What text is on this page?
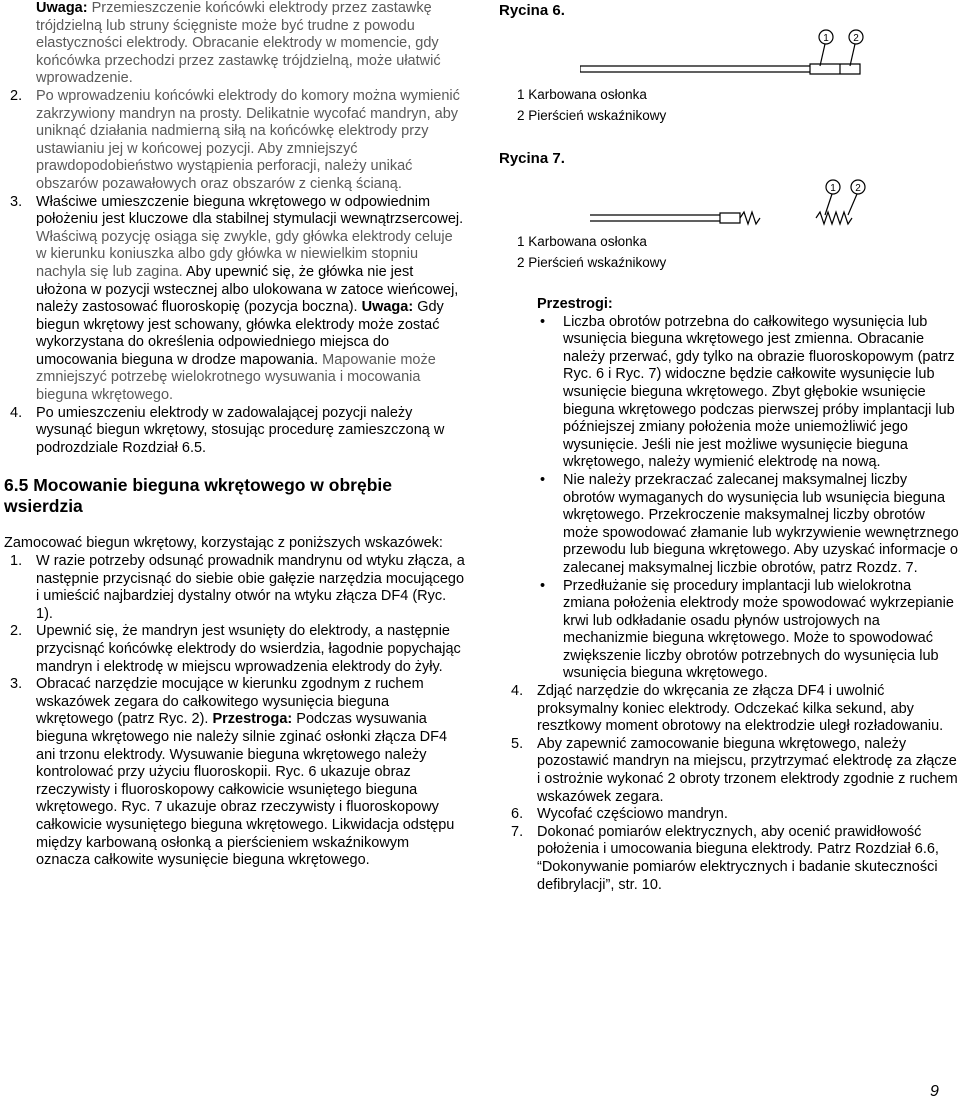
Uwaga: Przemieszczenie końcówki elektrody przez zastawkę trójdzielną lub struny ścięgniste może być trudne z powodu elastyczności elektrody. Obracanie elektrody w momencie, gdy końcówka przechodzi przez zastawkę trójdzielną, może ułatwić wprowadzenie.

2. Po wprowadzeniu końcówki elektrody do komory można wymienić zakrzywiony mandryn na prosty. Delikatnie wycofać mandryn, aby uniknąć działania nadmierną siłą na końcówkę elektrody przy ustawianiu jej w końcowej pozycji. Aby zmniejszyć prawdopodobieństwo wystąpienia perforacji, należy unikać obszarów pozawałowych oraz obszarów z cienką ścianą.
3. Właściwe umieszczenie bieguna wkrętowego w odpowiednim położeniu jest kluczowe dla stabilnej stymulacji wewnątrzsercowej. Właściwą pozycję osiąga się zwykle, gdy główka elektrody celuje w kierunku koniuszka albo gdy główka w niewielkim stopniu nachyla się lub zagina. Aby upewnić się, że główka nie jest ułożona w pozycji wstecznej albo ulokowana w zatoce wieńcowej, należy zastosować fluoroskopię (pozycja boczna). Uwaga: Gdy biegun wkrętowy jest schowany, główka elektrody może zostać wykorzystana do określenia odpowiedniego miejsca do umocowania bieguna w drodze mapowania. Mapowanie może zmniejszyć potrzebę wielokrotnego wysuwania i mocowania bieguna wkrętowego.
4. Po umieszczeniu elektrody w zadowalającej pozycji należy wysunąć biegun wkrętowy, stosując procedurę zamieszczoną w podrozdziale Rozdział 6.5.
6.5 Mocowanie bieguna wkrętowego w obrębie wsierdzia

Zamocować biegun wkrętowy, korzystając z poniższych wskazówek:

1. W razie potrzeby odsunąć prowadnik mandrynu od wtyku złącza, a następnie przycisnąć do siebie obie gałęzie narzędzia mocującego i umieścić najbardziej dystalny otwór na wtyku złącza DF4 (Ryc. 1).
2. Upewnić się, że mandryn jest wsunięty do elektrody, a następnie przycisnąć końcówkę elektrody do wsierdzia, łagodnie popychając mandryn i elektrodę w miejscu wprowadzenia elektrody do żyły.
3. Obracać narzędzie mocujące w kierunku zgodnym z ruchem wskazówek zegara do całkowitego wysunięcia bieguna wkrętowego (patrz Ryc. 2). Przestroga: Podczas wysuwania bieguna wkrętowego nie należy silnie zginać osłonki złącza DF4 ani trzonu elektrody. Wysuwanie bieguna wkrętowego należy kontrolować przy użyciu fluoroskopii. Ryc. 6 ukazuje obraz rzeczywisty i fluoroskopowy całkowicie wsuniętego bieguna wkrętowego. Ryc. 7 ukazuje obraz rzeczywisty i fluoroskopowy całkowicie wysuniętego bieguna wkrętowego. Likwidacja odstępu między karbowaną osłonką a pierścieniem wskaźnikowym oznacza całkowite wysunięcie bieguna wkrętowego.
Rycina 6.
1 Karbowana osłonka
2 Pierścień wskaźnikowy
Rycina 7.
1 Karbowana osłonka
2 Pierścień wskaźnikowy
Przestrogi:
• Liczba obrotów potrzebna do całkowitego wysunięcia lub wsunięcia bieguna wkrętowego jest zmienna. Obracanie należy przerwać, gdy tylko na obrazie fluoroskopowym (patrz Ryc. 6 i Ryc. 7) widoczne będzie całkowite wysunięcie lub wsunięcie bieguna wkrętowego. Zbyt głębokie wsunięcie bieguna wkrętowego podczas pierwszej próby implantacji lub późniejszej zmiany położenia może uniemożliwić jego wysunięcie. Jeśli nie jest możliwe wysunięcie bieguna wkrętowego, należy wymienić elektrodę na nową.
• Nie należy przekraczać zalecanej maksymalnej liczby obrotów wymaganych do wysunięcia lub wsunięcia bieguna wkrętowego. Przekroczenie maksymalnej liczby obrotów może spowodować złamanie lub wykrzywienie wewnętrznego przewodu lub bieguna wkrętowego. Aby uzyskać informacje o zalecanej maksymalnej liczbie obrotów, patrz Rozdz. 7.
• Przedłużanie się procedury implantacji lub wielokrotna zmiana położenia elektrody może spowodować wykrzepianie krwi lub odkładanie osadu płynów ustrojowych na mechanizmie bieguna wkrętowego. Może to spowodować zwiększenie liczby obrotów potrzebnych do wysunięcia lub wsunięcia bieguna wkrętowego.
4. Zdjąć narzędzie do wkręcania ze złącza DF4 i uwolnić proksymalny koniec elektrody. Odczekać kilka sekund, aby resztkowy moment obrotowy na elektrodzie uległ rozładowaniu.
5. Aby zapewnić zamocowanie bieguna wkrętowego, należy pozostawić mandryn na miejscu, przytrzymać elektrodę za złącze i ostrożnie wykonać 2 obroty trzonem elektrody zgodnie z ruchem wskazówek zegara.
6. Wycofać częściowo mandryn.
7. Dokonać pomiarów elektrycznych, aby ocenić prawidłowość położenia i umocowania bieguna elektrody. Patrz Rozdział 6.6, “Dokonywanie pomiarów elektrycznych i badanie skuteczności defibrylacji”, str. 10.
1 2
1 2
9
